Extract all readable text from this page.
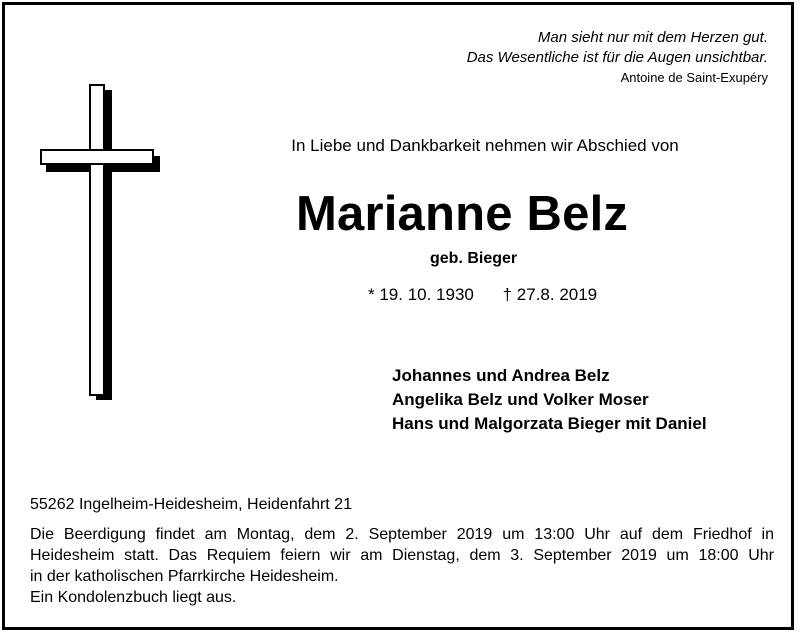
Man sieht nur mit dem Herzen gut.
Das Wesentliche ist für die Augen unsichtbar.
Antoine de Saint-Exupéry
In Liebe und Dankbarkeit nehmen wir Abschied von
Marianne Belz
geb. Bieger
* 19. 10. 1930 † 27.8. 2019
Johannes und Andrea Belz
Angelika Belz und Volker Moser
Hans und Malgorzata Bieger mit Daniel
55262 Ingelheim-Heidesheim, Heidenfahrt 21
Die Beerdigung findet am Montag, dem 2. September 2019 um 13:00 Uhr auf dem Friedhof in
Heidesheim statt. Das Requiem feiern wir am Dienstag, dem 3. September 2019 um 18:00 Uhr
in der katholischen Pfarrkirche Heidesheim.
Ein Kondolenzbuch liegt aus.
